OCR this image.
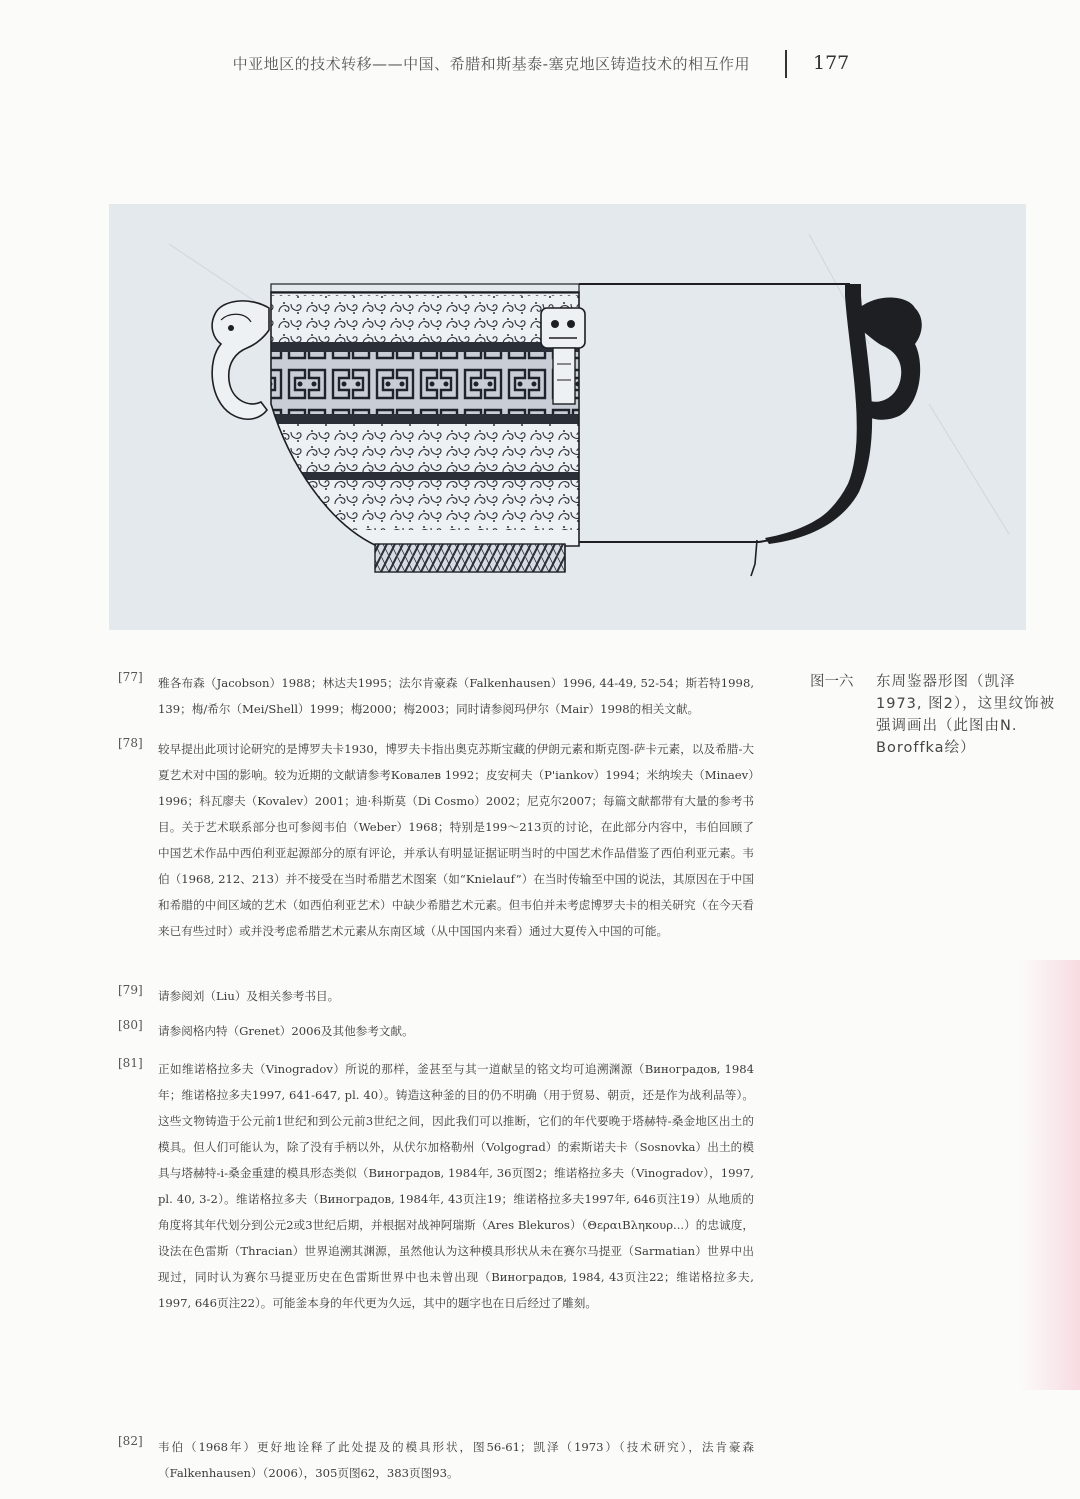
中亚地区的技术转移——中国、希腊和斯基泰-塞克地区铸造技术的相互作用	177
图一六 东周鉴器形图（凯泽1973, 图2），这里纹饰被强调画出（此图由N. Boroffka绘）
[77] 雅各布森（Jacobson）1988；林达夫1995；法尔肯豪森（Falkenhausen）1996, 44-49, 52-54；斯若特1998, 139；梅/希尔（Mei/Shell）1999；梅2000；梅2003；同时请参阅玛伊尔（Mair）1998的相关文献。
[78] 较早提出此项讨论研究的是博罗夫卡1930，博罗夫卡指出奥克苏斯宝藏的伊朗元素和斯克图-萨卡元素，以及希腊-大夏艺术对中国的影响。较为近期的文献请参考Ковалев 1992；皮安柯夫（P'iankov）1994；米纳埃夫（Minaev）1996；科瓦廖夫（Kovalev）2001；迪·科斯莫（Di Cosmo）2002；尼克尔2007；每篇文献都带有大量的参考书目。关于艺术联系部分也可参阅韦伯（Weber）1968；特别是199～213页的讨论，在此部分内容中，韦伯回顾了中国艺术作品中西伯利亚起源部分的原有评论，并承认有明显证据证明当时的中国艺术作品借鉴了西伯利亚元素。韦伯（1968, 212、213）并不接受在当时希腊艺术图案（如“Knielauf”）在当时传输至中国的说法，其原因在于中国和希腊的中间区域的艺术（如西伯利亚艺术）中缺少希腊艺术元素。但韦伯并未考虑博罗夫卡的相关研究（在今天看来已有些过时）或并没考虑希腊艺术元素从东南区域（从中国国内来看）通过大夏传入中国的可能。
[79] 请参阅刘（Liu）及相关参考书目。
[80] 请参阅格内特（Grenet）2006及其他参考文献。
[81] 正如维诺格拉多夫（Vinogradov）所说的那样，釜甚至与其一道献呈的铭文均可追溯渊源（Виноградов, 1984年；维诺格拉多夫1997, 641-647, pl. 40）。铸造这种釜的目的仍不明确（用于贸易、朝贡，还是作为战利品等）。这些文物铸造于公元前1世纪和到公元前3世纪之间，因此我们可以推断，它们的年代要晚于塔赫特-桑金地区出土的模具。但人们可能认为，除了没有手柄以外，从伏尔加格勒州（Volgograd）的索斯诺夫卡（Sosnovka）出土的模具与塔赫特-i-桑金重建的模具形态类似（Виноградов, 1984年, 36页图2；维诺格拉多夫（Vinogradov），1997, pl. 40, 3-2）。维诺格拉多夫（Виноградов, 1984年, 43页注19；维诺格拉多夫1997年, 646页注19）从地质的角度将其年代划分到公元2或3世纪后期，并根据对战神阿瑞斯（Ares Blekuros）（ΘεραιΒληκουρ...）的忠诚度，设法在色雷斯（Thracian）世界追溯其渊源，虽然他认为这种模具形状从未在赛尔马提亚（Sarmatian）世界中出现过，同时认为赛尔马提亚历史在色雷斯世界中也未曾出现（Виноградов, 1984, 43页注22；维诺格拉多夫, 1997, 646页注22）。可能釜本身的年代更为久远，其中的题字也在日后经过了雕刻。
[82] 韦伯（1968年）更好地诠释了此处提及的模具形状，图56-61；凯泽（1973）（技术研究），法肯豪森（Falkenhausen）（2006），305页图62，383页图93。
